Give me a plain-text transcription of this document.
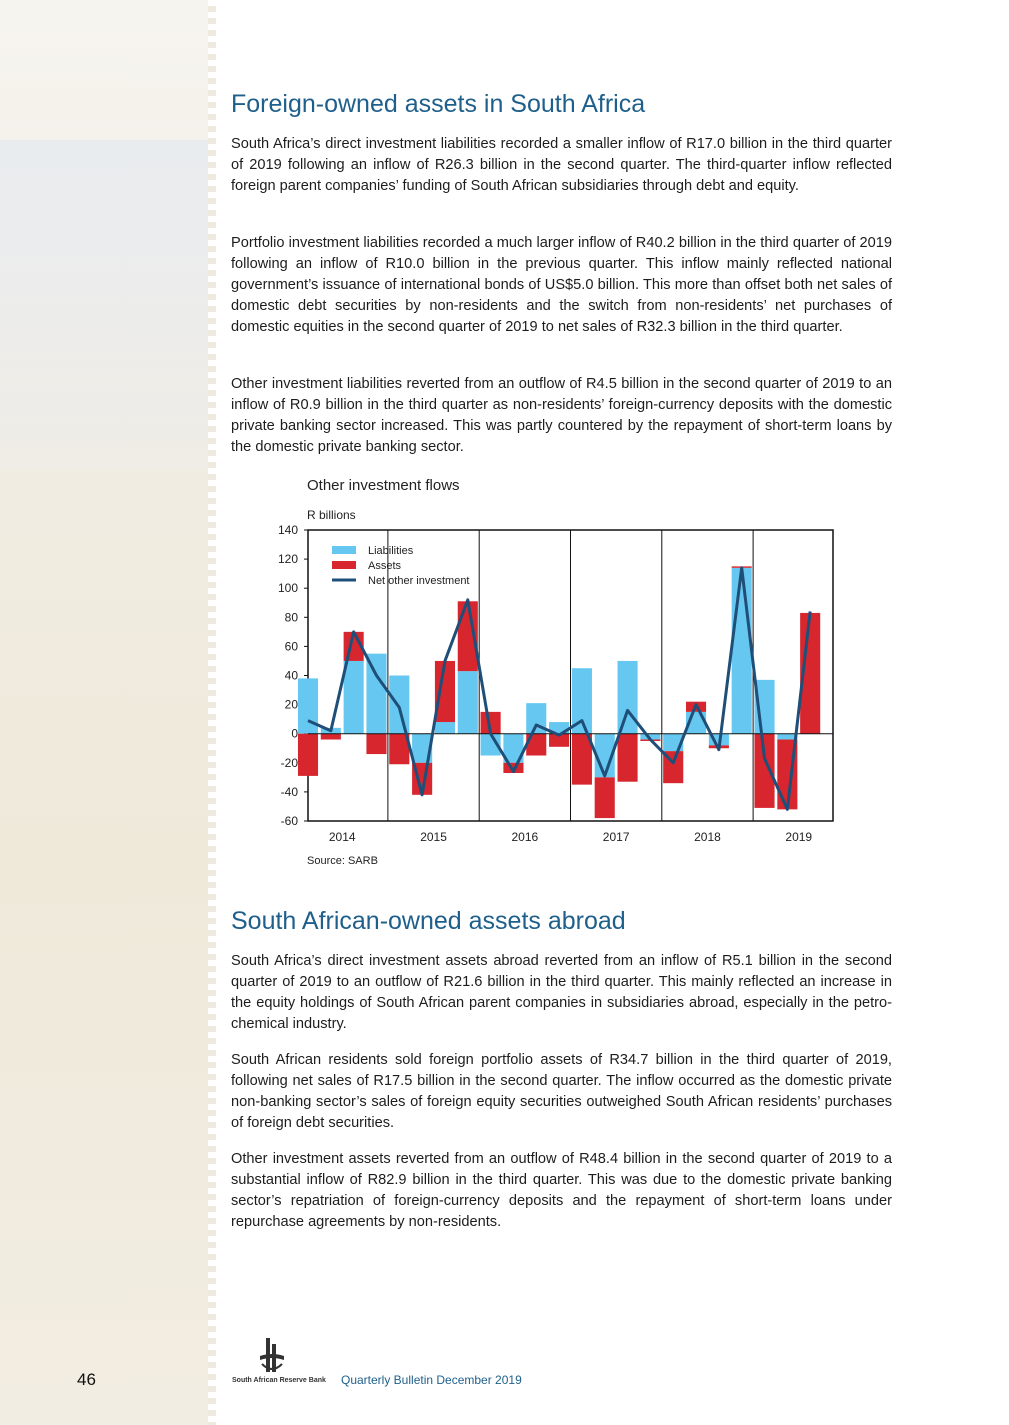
Foreign-owned assets in South Africa

South Africa’s direct investment liabilities recorded a smaller inflow of R17.0 billion in the third quarter of 2019 following an inflow of R26.3 billion in the second quarter. The third-quarter inflow reflected foreign parent companies’ funding of South African subsidiaries through debt and equity.

Portfolio investment liabilities recorded a much larger inflow of R40.2 billion in the third quarter of 2019 following an inflow of R10.0 billion in the previous quarter. This inflow mainly reflected national government’s issuance of international bonds of US$5.0 billion. This more than offset both net sales of domestic debt securities by non-residents and the switch from non-residents’ net purchases of domestic equities in the second quarter of 2019 to net sales of R32.3 billion in the third quarter.

Other investment liabilities reverted from an outflow of R4.5 billion in the second quarter of 2019 to an inflow of R0.9 billion in the third quarter as non-residents’ foreign-currency deposits with the domestic private banking sector increased. This was partly countered by the repayment of short-term loans by the domestic private banking sector.

Other investment flows
R billions
140
120
100
80
60
40
20
0
-20
-40
-60
2014	2015	2016	2017	2018	2019
Liabilities
Assets
Net other investment
Source: SARB
South African-owned assets abroad

South Africa’s direct investment assets abroad reverted from an inflow of R5.1 billion in the second quarter of 2019 to an outflow of R21.6 billion in the third quarter. This mainly reflected an increase in the equity holdings of South African parent companies in subsidiaries abroad, especially in the petro-chemical industry.

South African residents sold foreign portfolio assets of R34.7 billion in the third quarter of 2019, following net sales of R17.5 billion in the second quarter. The inflow occurred as the domestic private non-banking sector’s sales of foreign equity securities outweighed South African residents’ purchases of foreign debt securities.

Other investment assets reverted from an outflow of R48.4 billion in the second quarter of 2019 to a substantial inflow of R82.9 billion in the third quarter. This was due to the domestic private banking sector’s repatriation of foreign-currency deposits and the repayment of short-term loans under repurchase agreements by non-residents.

46	South African Reserve Bank Quarterly Bulletin December 2019
